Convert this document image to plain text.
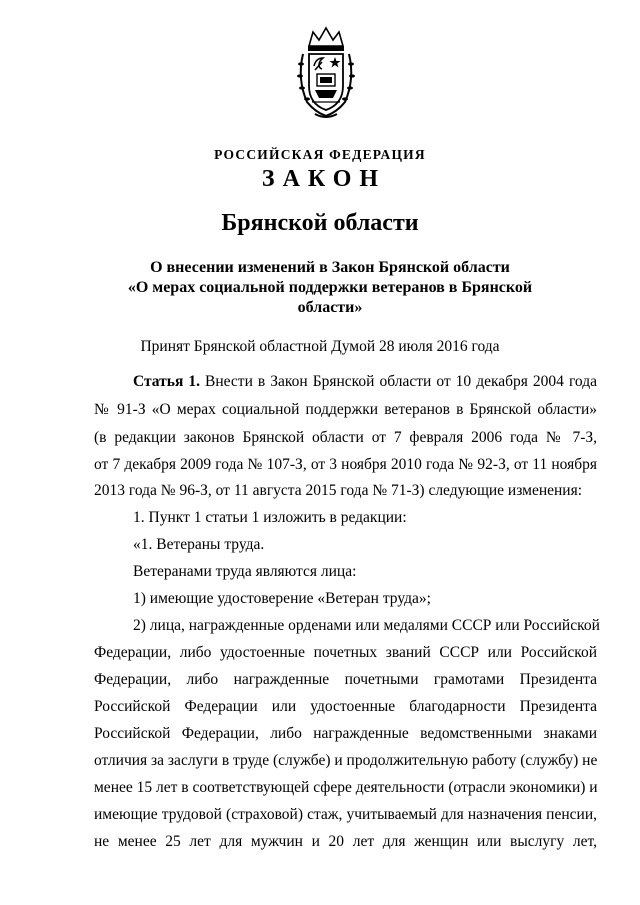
РОССИЙСКАЯ ФЕДЕРАЦИЯ
ЗАКОН
Брянской области
О внесении изменений в Закон Брянской области
«О мерах социальной поддержки ветеранов в Брянской
области»
Принят Брянской областной Думой 28 июля 2016 года
Статья 1. Внести в Закон Брянской области от 10 декабря 2004 года
№ 91-З «О мерах социальной поддержки ветеранов в Брянской области»
(в редакции законов Брянской области от 7 февраля 2006 года № 7-З,
от 7 декабря 2009 года № 107-З, от 3 ноября 2010 года № 92-З, от 11 ноября
2013 года № 96-З, от 11 августа 2015 года № 71-З) следующие изменения:
1. Пункт 1 статьи 1 изложить в редакции:
«1. Ветераны труда.
Ветеранами труда являются лица:
1) имеющие удостоверение «Ветеран труда»;
2) лица, награжденные орденами или медалями СССР или Российской
Федерации, либо удостоенные почетных званий СССР или Российской
Федерации, либо награжденные почетными грамотами Президента
Российской Федерации или удостоенные благодарности Президента
Российской Федерации, либо награжденные ведомственными знаками
отличия за заслуги в труде (службе) и продолжительную работу (службу) не
менее 15 лет в соответствующей сфере деятельности (отрасли экономики) и
имеющие трудовой (страховой) стаж, учитываемый для назначения пенсии,
не менее 25 лет для мужчин и 20 лет для женщин или выслугу лет,
